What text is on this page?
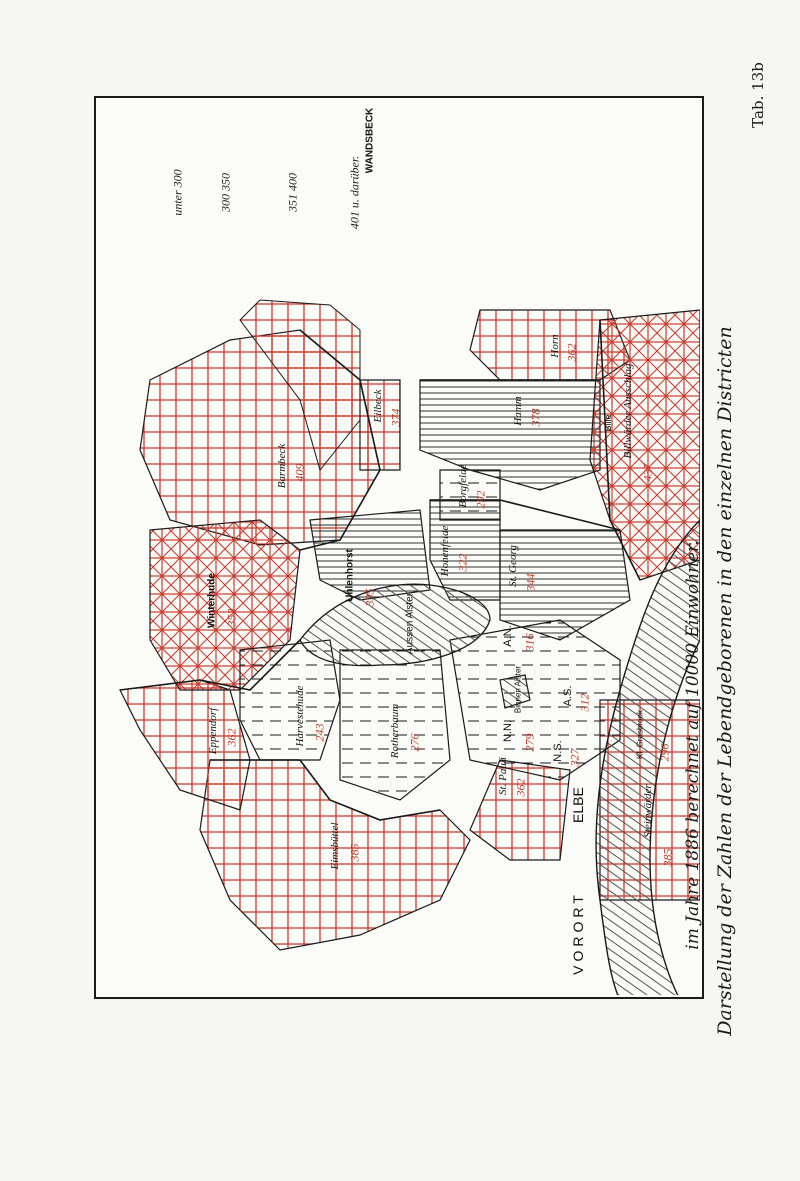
Tab. 13b
Darstellung der Zahlen der Lebendgeborenen in den einzelnen Districten
im Jahre 1886 berechnet auf 10000 Einwohner.
unter 300	300 350	351 400	401 u. darüber.
WANDSBECK
Horn 362
Hamm 378
Eilbeck 374
Barmbeck 409
Billwärder Ausschlag
437
Borgfelde 292
Hohenfelde 322
Uhlenhorst 335
St. Georg 344
Winterhude 353
Eppendorf 362	Harvestehude 243	Rotherbaum 276
St. Pauli 362
Eimsbüttel 385
Steinwärder
385
Aussen Alster
Binnen Alster
ELBE
VORORT
A.N. 316
A.S. 312
N.N.
279 N.S. 327	Kl. Grasbrook 296
Bille
